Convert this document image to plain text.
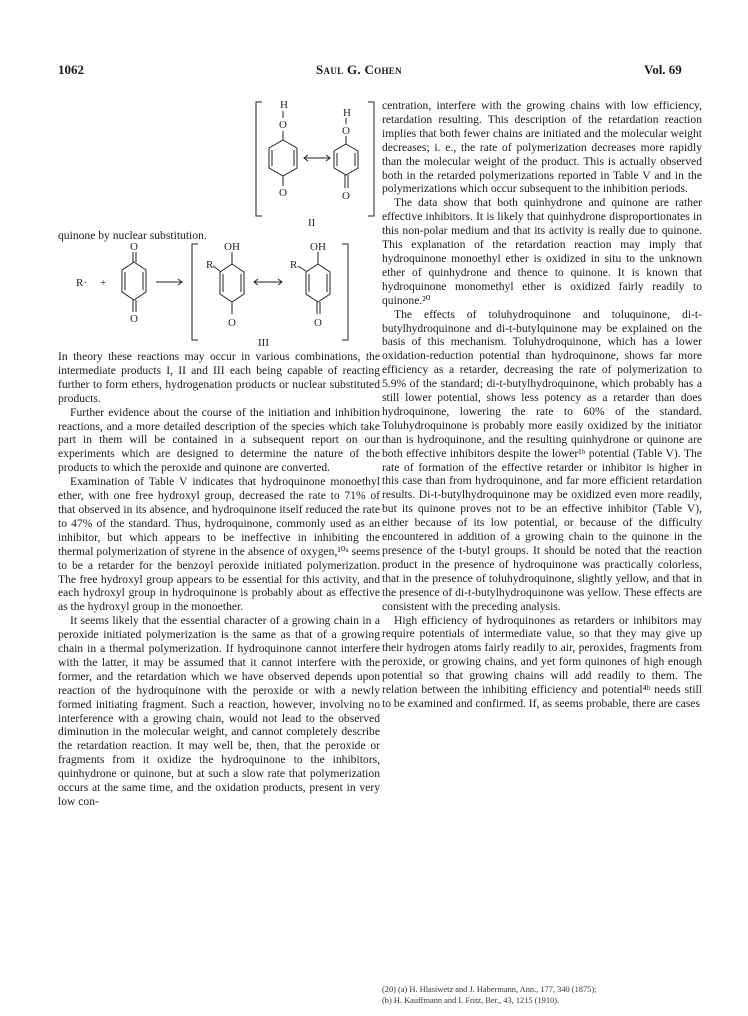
1062	Saul G. Cohen	Vol. 69
H
O
O
H
O
O
II

quinone by nuclear substitution.

R· +
O
O
OH
R
O
OH
R
O
III

In theory these reactions may occur in various combinations, the intermediate products I, II and III each being capable of reacting further to form ethers, hydrogenation products or nuclear substituted products.

Further evidence about the course of the initiation and inhibition reactions, and a more detailed description of the species which take part in them will be contained in a subsequent report on our experiments which are designed to determine the nature of the products to which the peroxide and quinone are converted.

Examination of Table V indicates that hydroquinone monoethyl ether, with one free hydroxyl group, decreased the rate to 71% of that observed in its absence, and hydroquinone itself reduced the rate to 47% of the standard. Thus, hydroquinone, commonly used as an inhibitor, but which appears to be ineffective in inhibiting the thermal polymerization of styrene in the absence of oxygen,¹⁰ᵃ seems to be a retarder for the benzoyl peroxide initiated polymerization. The free hydroxyl group appears to be essential for this activity, and each hydroxyl group in hydroquinone is probably about as effective as the hydroxyl group in the monoether.

It seems likely that the essential character of a growing chain in a peroxide initiated polymerization is the same as that of a growing chain in a thermal polymerization. If hydroquinone cannot interfere with the latter, it may be assumed that it cannot interfere with the former, and the retardation which we have observed depends upon reaction of the hydroquinone with the peroxide or with a newly formed initiating fragment. Such a reaction, however, involving no interference with a growing chain, would not lead to the observed diminution in the molecular weight, and cannot completely describe the retardation reaction. It may well be, then, that the peroxide or fragments from it oxidize the hydroquinone to the inhibitors, quinhydrone or quinone, but at such a slow rate that polymerization occurs at the same time, and the oxidation products, present in very low con-

centration, interfere with the growing chains with low efficiency, retardation resulting. This description of the retardation reaction implies that both fewer chains are initiated and the molecular weight decreases; i. e., the rate of polymerization decreases more rapidly than the molecular weight of the product. This is actually observed both in the retarded polymerizations reported in Table V and in the polymerizations which occur subsequent to the inhibition periods.

The data show that both quinhydrone and quinone are rather effective inhibitors. It is likely that quinhydrone disproportionates in this non-polar medium and that its activity is really due to quinone. This explanation of the retardation reaction may imply that hydroquinone monoethyl ether is oxidized in situ to the unknown ether of quinhydrone and thence to quinone. It is known that hydroquinone monomethyl ether is oxidized fairly readily to quinone.²⁰

The effects of toluhydroquinone and toluquinone, di-t-butylhydroquinone and di-t-butylquinone may be explained on the basis of this mechanism. Toluhydroquinone, which has a lower oxidation-reduction potential than hydroquinone, shows far more efficiency as a retarder, decreasing the rate of polymerization to 5.9% of the standard; di-t-butylhydroquinone, which probably has a still lower potential, shows less potency as a retarder than does hydroquinone, lowering the rate to 60% of the standard. Toluhydroquinone is probably more easily oxidized by the initiator than is hydroquinone, and the resulting quinhydrone or quinone are both effective inhibitors despite the lower¹ᵇ potential (Table V). The rate of formation of the effective retarder or inhibitor is higher in this case than from hydroquinone, and far more efficient retardation results. Di-t-butylhydroquinone may be oxidized even more readily, but its quinone proves not to be an effective inhibitor (Table V), either because of its low potential, or because of the difficulty encountered in addition of a growing chain to the quinone in the presence of the t-butyl groups. It should be noted that the reaction product in the presence of hydroquinone was practically colorless, that in the presence of toluhydroquinone, slightly yellow, and that in the presence of di-t-butylhydroquinone was yellow. These effects are consistent with the preceding analysis.

High efficiency of hydroquinones as retarders or inhibitors may require potentials of intermediate value, so that they may give up their hydrogen atoms fairly readily to air, peroxides, fragments from peroxide, or growing chains, and yet form quinones of high enough potential so that growing chains will add readily to them. The relation between the inhibiting efficiency and potential⁴ᵇ needs still to be examined and confirmed. If, as seems probable, there are cases

(20) (a) H. Hlasiwetz and J. Habermann, Ann., 177, 340 (1875);
(b) H. Kauffmann and I. Fritz, Ber., 43, 1215 (1910).
